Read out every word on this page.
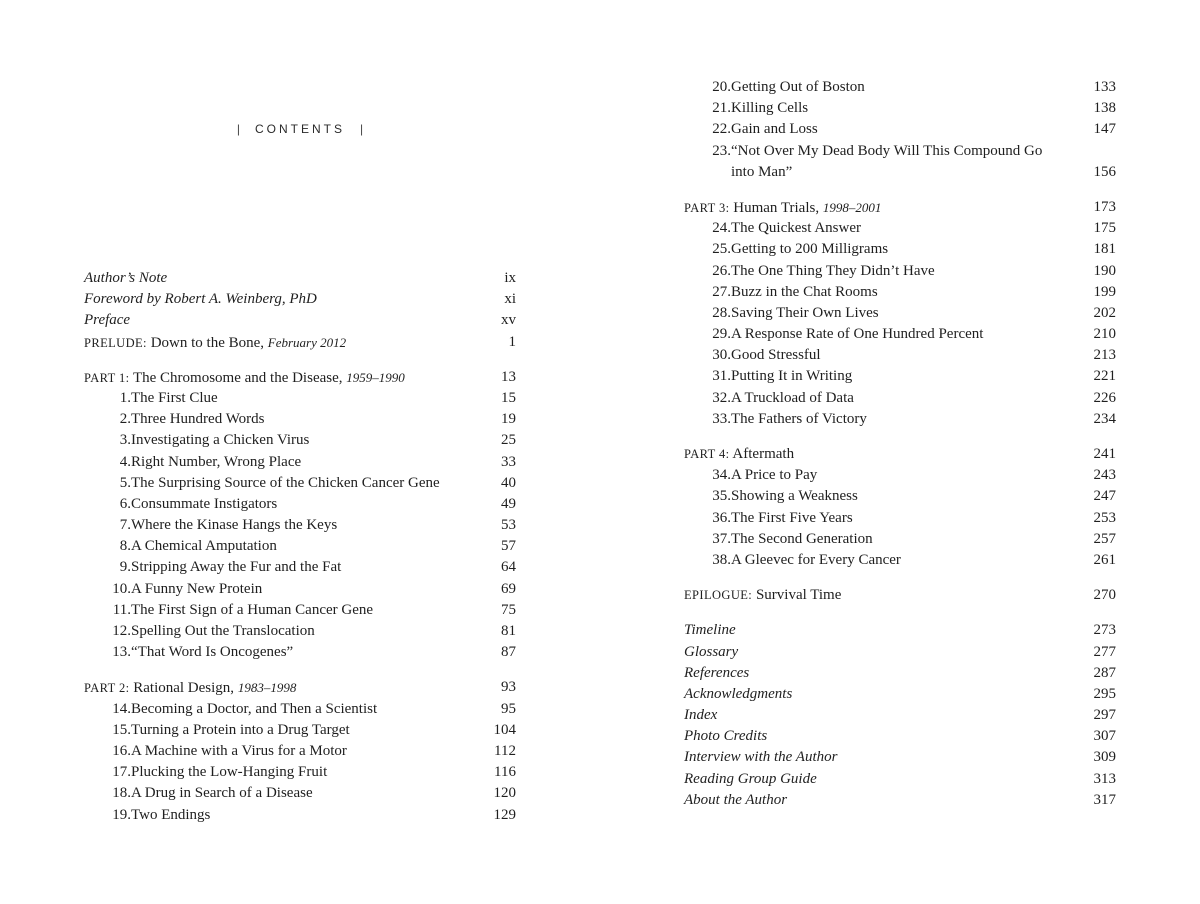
| CONTENTS |
Author’s Note	ix
Foreword by Robert A. Weinberg, PhD	xi
Preface	xv
PRELUDE: Down to the Bone, February 2012	1
PART 1: The Chromosome and the Disease, 1959–1990	13
1. The First Clue	15
2. Three Hundred Words	19
3. Investigating a Chicken Virus	25
4. Right Number, Wrong Place	33
5. The Surprising Source of the Chicken Cancer Gene	40
6. Consummate Instigators	49
7. Where the Kinase Hangs the Keys	53
8. A Chemical Amputation	57
9. Stripping Away the Fur and the Fat	64
10. A Funny New Protein	69
11. The First Sign of a Human Cancer Gene	75
12. Spelling Out the Translocation	81
13. “That Word Is Oncogenes”	87
PART 2: Rational Design, 1983–1998	93
14. Becoming a Doctor, and Then a Scientist	95
15. Turning a Protein into a Drug Target	104
16. A Machine with a Virus for a Motor	112
17. Plucking the Low-Hanging Fruit	116
18. A Drug in Search of a Disease	120
19. Two Endings	129
20. Getting Out of Boston	133
21. Killing Cells	138
22. Gain and Loss	147
23. “Not Over My Dead Body Will This Compound Go into Man”	156
PART 3: Human Trials, 1998–2001	173
24. The Quickest Answer	175
25. Getting to 200 Milligrams	181
26. The One Thing They Didn’t Have	190
27. Buzz in the Chat Rooms	199
28. Saving Their Own Lives	202
29. A Response Rate of One Hundred Percent	210
30. Good Stressful	213
31. Putting It in Writing	221
32. A Truckload of Data	226
33. The Fathers of Victory	234
PART 4: Aftermath	241
34. A Price to Pay	243
35. Showing a Weakness	247
36. The First Five Years	253
37. The Second Generation	257
38. A Gleevec for Every Cancer	261
EPILOGUE: Survival Time	270
Timeline	273
Glossary	277
References	287
Acknowledgments	295
Index	297
Photo Credits	307
Interview with the Author	309
Reading Group Guide	313
About the Author	317
